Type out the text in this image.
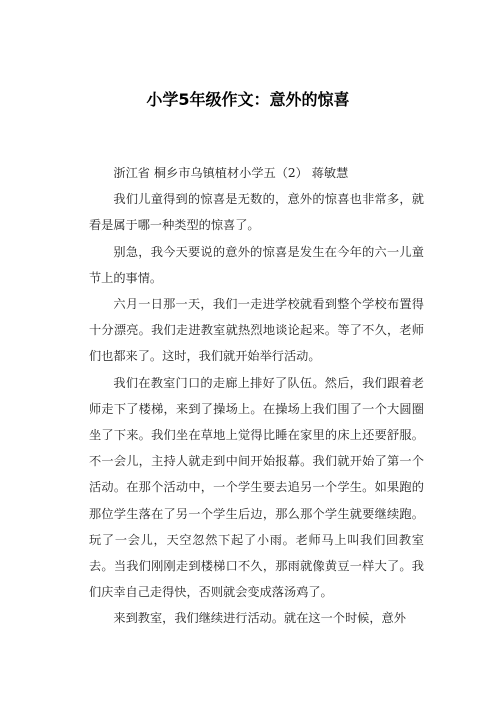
小学5年级作文：意外的惊喜

浙江省 桐乡市乌镇植材小学五（2） 蒋敏慧

我们儿童得到的惊喜是无数的，意外的惊喜也非常多，就看是属于哪一种类型的惊喜了。

别急，我今天要说的意外的惊喜是发生在今年的六一儿童节上的事情。

六月一日那一天，我们一走进学校就看到整个学校布置得十分漂亮。我们走进教室就热烈地谈论起来。等了不久，老师们也都来了。这时，我们就开始举行活动。

我们在教室门口的走廊上排好了队伍。然后，我们跟着老师走下了楼梯，来到了操场上。在操场上我们围了一个大圆圈坐了下来。我们坐在草地上觉得比睡在家里的床上还要舒服。不一会儿，主持人就走到中间开始报幕。我们就开始了第一个活动。在那个活动中，一个学生要去追另一个学生。如果跑的那位学生落在了另一个学生后边，那么那个学生就要继续跑。玩了一会儿，天空忽然下起了小雨。老师马上叫我们回教室去。当我们刚刚走到楼梯口不久，那雨就像黄豆一样大了。我们庆幸自己走得快，否则就会变成落汤鸡了。

来到教室，我们继续进行活动。就在这一个时候，意外
